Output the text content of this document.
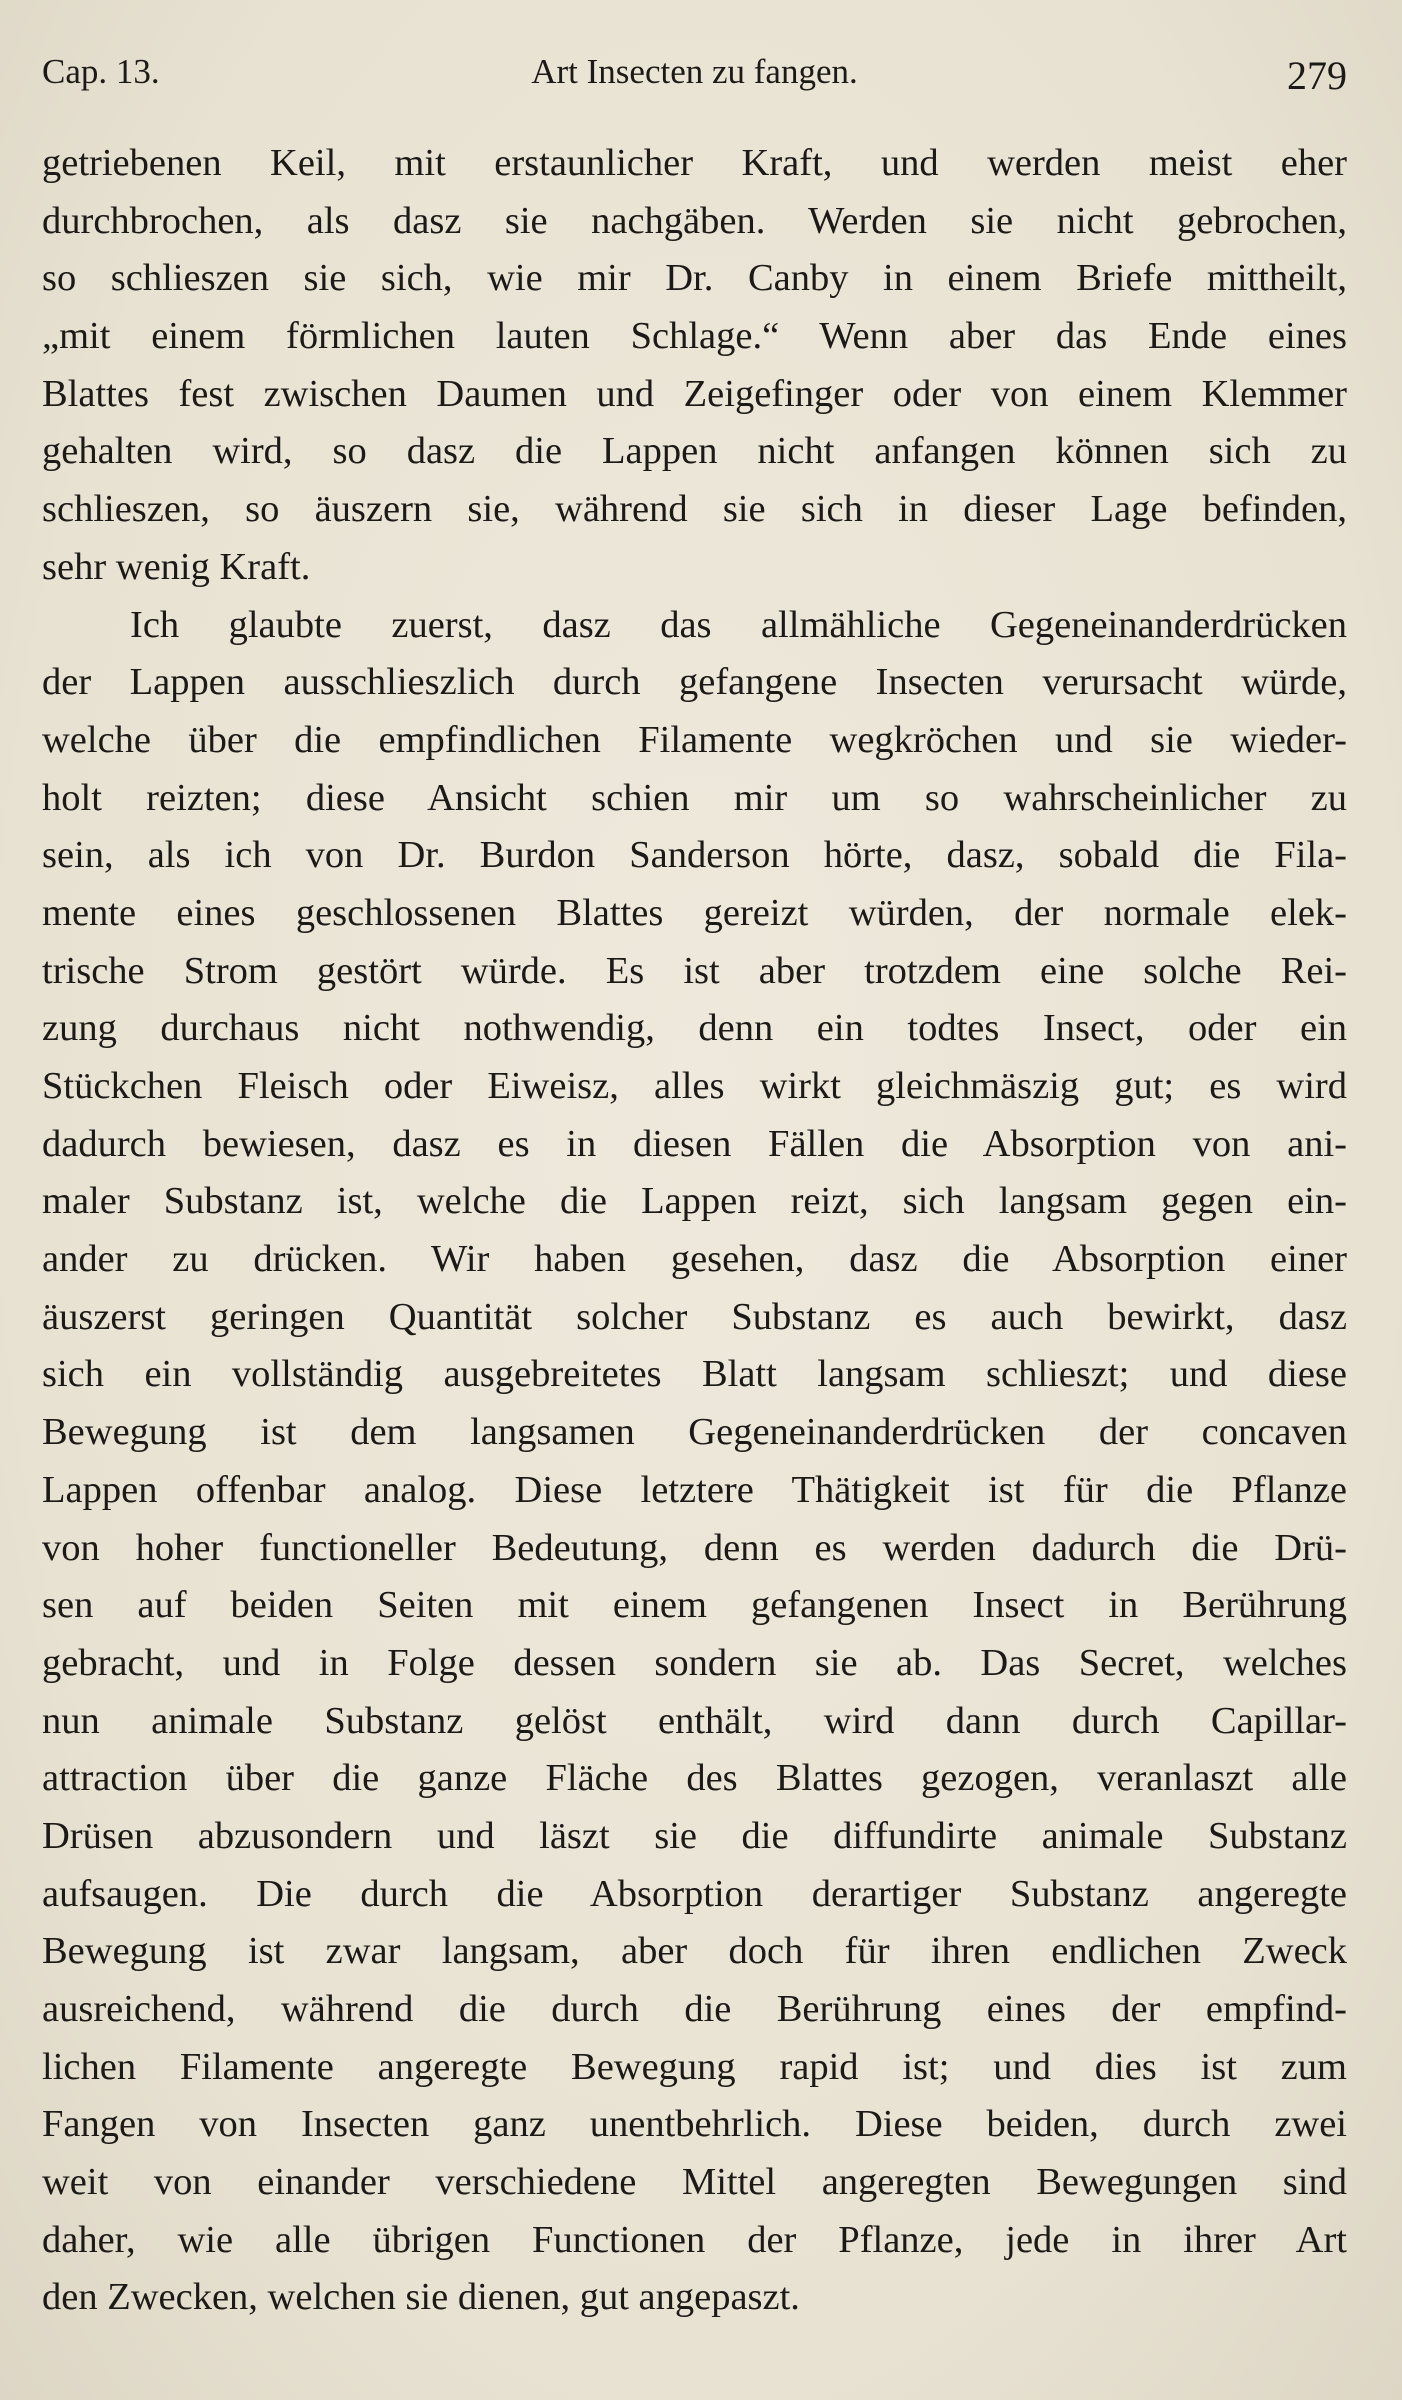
Cap. 13.	Art Insecten zu fangen.	279
getriebenen Keil, mit erstaunlicher Kraft, und werden meist eher
durchbrochen, als dasz sie nachgäben. Werden sie nicht gebrochen,
so schlieszen sie sich, wie mir Dr. Canby in einem Briefe mittheilt,
„mit einem förmlichen lauten Schlage.“ Wenn aber das Ende eines
Blattes fest zwischen Daumen und Zeigefinger oder von einem Klemmer
gehalten wird, so dasz die Lappen nicht anfangen können sich zu
schlieszen, so äuszern sie, während sie sich in dieser Lage befinden,
sehr wenig Kraft.
Ich glaubte zuerst, dasz das allmähliche Gegeneinanderdrücken
der Lappen ausschlieszlich durch gefangene Insecten verursacht würde,
welche über die empfindlichen Filamente wegkröchen und sie wieder-
holt reizten; diese Ansicht schien mir um so wahrscheinlicher zu
sein, als ich von Dr. Burdon Sanderson hörte, dasz, sobald die Fila-
mente eines geschlossenen Blattes gereizt würden, der normale elek-
trische Strom gestört würde. Es ist aber trotzdem eine solche Rei-
zung durchaus nicht nothwendig, denn ein todtes Insect, oder ein
Stückchen Fleisch oder Eiweisz, alles wirkt gleichmäszig gut; es wird
dadurch bewiesen, dasz es in diesen Fällen die Absorption von ani-
maler Substanz ist, welche die Lappen reizt, sich langsam gegen ein-
ander zu drücken. Wir haben gesehen, dasz die Absorption einer
äuszerst geringen Quantität solcher Substanz es auch bewirkt, dasz
sich ein vollständig ausgebreitetes Blatt langsam schlieszt; und diese
Bewegung ist dem langsamen Gegeneinanderdrücken der concaven
Lappen offenbar analog. Diese letztere Thätigkeit ist für die Pflanze
von hoher functioneller Bedeutung, denn es werden dadurch die Drü-
sen auf beiden Seiten mit einem gefangenen Insect in Berührung
gebracht, und in Folge dessen sondern sie ab. Das Secret, welches
nun animale Substanz gelöst enthält, wird dann durch Capillar-
attraction über die ganze Fläche des Blattes gezogen, veranlaszt alle
Drüsen abzusondern und läszt sie die diffundirte animale Substanz
aufsaugen. Die durch die Absorption derartiger Substanz angeregte
Bewegung ist zwar langsam, aber doch für ihren endlichen Zweck
ausreichend, während die durch die Berührung eines der empfind-
lichen Filamente angeregte Bewegung rapid ist; und dies ist zum
Fangen von Insecten ganz unentbehrlich. Diese beiden, durch zwei
weit von einander verschiedene Mittel angeregten Bewegungen sind
daher, wie alle übrigen Functionen der Pflanze, jede in ihrer Art
den Zwecken, welchen sie dienen, gut angepaszt.
